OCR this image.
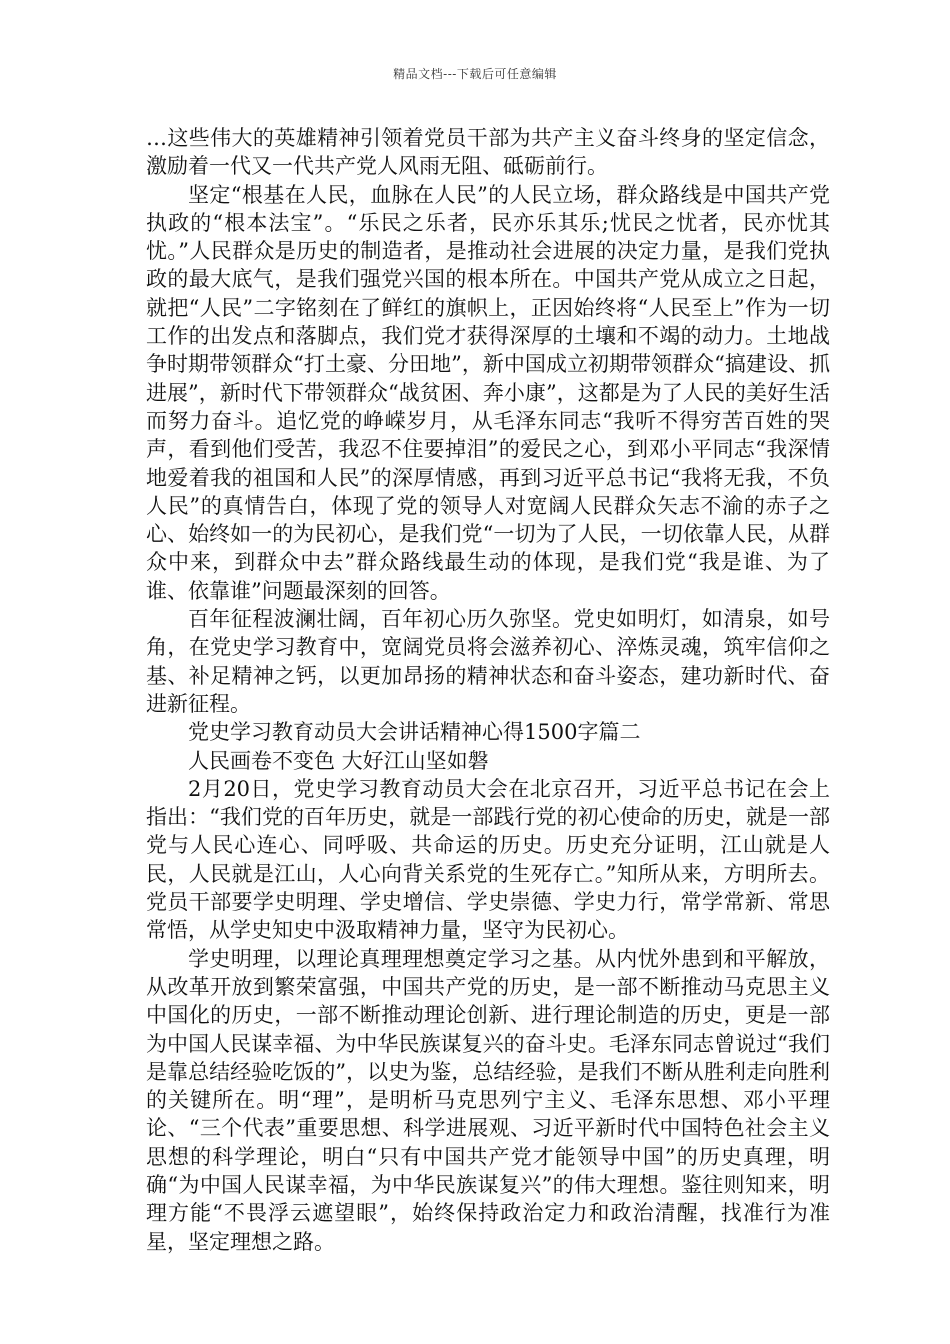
精品文档---下载后可任意编辑

…这些伟大的英雄精神引领着党员干部为共产主义奋斗终身的坚定信念，激励着一代又一代共产党人风雨无阻、砥砺前行。

坚定“根基在人民，血脉在人民”的人民立场，群众路线是中国共产党执政的“根本法宝”。“乐民之乐者，民亦乐其乐;忧民之忧者，民亦忧其忧。”人民群众是历史的制造者，是推动社会进展的决定力量，是我们党执政的最大底气，是我们强党兴国的根本所在。中国共产党从成立之日起，就把“人民”二字铭刻在了鲜红的旗帜上，正因始终将“人民至上”作为一切工作的出发点和落脚点，我们党才获得深厚的土壤和不竭的动力。土地战争时期带领群众“打土豪、分田地”，新中国成立初期带领群众“搞建设、抓进展”，新时代下带领群众“战贫困、奔小康”，这都是为了人民的美好生活而努力奋斗。追忆党的峥嵘岁月，从毛泽东同志“我听不得穷苦百姓的哭声，看到他们受苦，我忍不住要掉泪”的爱民之心，到邓小平同志“我深情地爱着我的祖国和人民”的深厚情感，再到习近平总书记“我将无我，不负人民”的真情告白，体现了党的领导人对宽阔人民群众矢志不渝的赤子之心、始终如一的为民初心，是我们党“一切为了人民，一切依靠人民，从群众中来，到群众中去”群众路线最生动的体现，是我们党“我是谁、为了谁、依靠谁”问题最深刻的回答。

百年征程波澜壮阔，百年初心历久弥坚。党史如明灯，如清泉，如号角，在党史学习教育中，宽阔党员将会滋养初心、淬炼灵魂，筑牢信仰之基、补足精神之钙，以更加昂扬的精神状态和奋斗姿态，建功新时代、奋进新征程。

党史学习教育动员大会讲话精神心得1500字篇二

人民画卷不变色 大好江山坚如磐

2月20日，党史学习教育动员大会在北京召开，习近平总书记在会上指出：“我们党的百年历史，就是一部践行党的初心使命的历史，就是一部党与人民心连心、同呼吸、共命运的历史。历史充分证明，江山就是人民，人民就是江山，人心向背关系党的生死存亡。”知所从来，方明所去。党员干部要学史明理、学史增信、学史崇德、学史力行，常学常新、常思常悟，从学史知史中汲取精神力量，坚守为民初心。

学史明理，以理论真理理想奠定学习之基。从内忧外患到和平解放，从改革开放到繁荣富强，中国共产党的历史，是一部不断推动马克思主义中国化的历史，一部不断推动理论创新、进行理论制造的历史，更是一部为中国人民谋幸福、为中华民族谋复兴的奋斗史。毛泽东同志曾说过“我们是靠总结经验吃饭的”，以史为鉴，总结经验，是我们不断从胜利走向胜利的关键所在。明“理”，是明析马克思列宁主义、毛泽东思想、邓小平理论、“三个代表”重要思想、科学进展观、习近平新时代中国特色社会主义思想的科学理论，明白“只有中国共产党才能领导中国”的历史真理，明确“为中国人民谋幸福，为中华民族谋复兴”的伟大理想。鉴往则知来，明理方能“不畏浮云遮望眼”，始终保持政治定力和政治清醒，找准行为准星，坚定理想之路。
